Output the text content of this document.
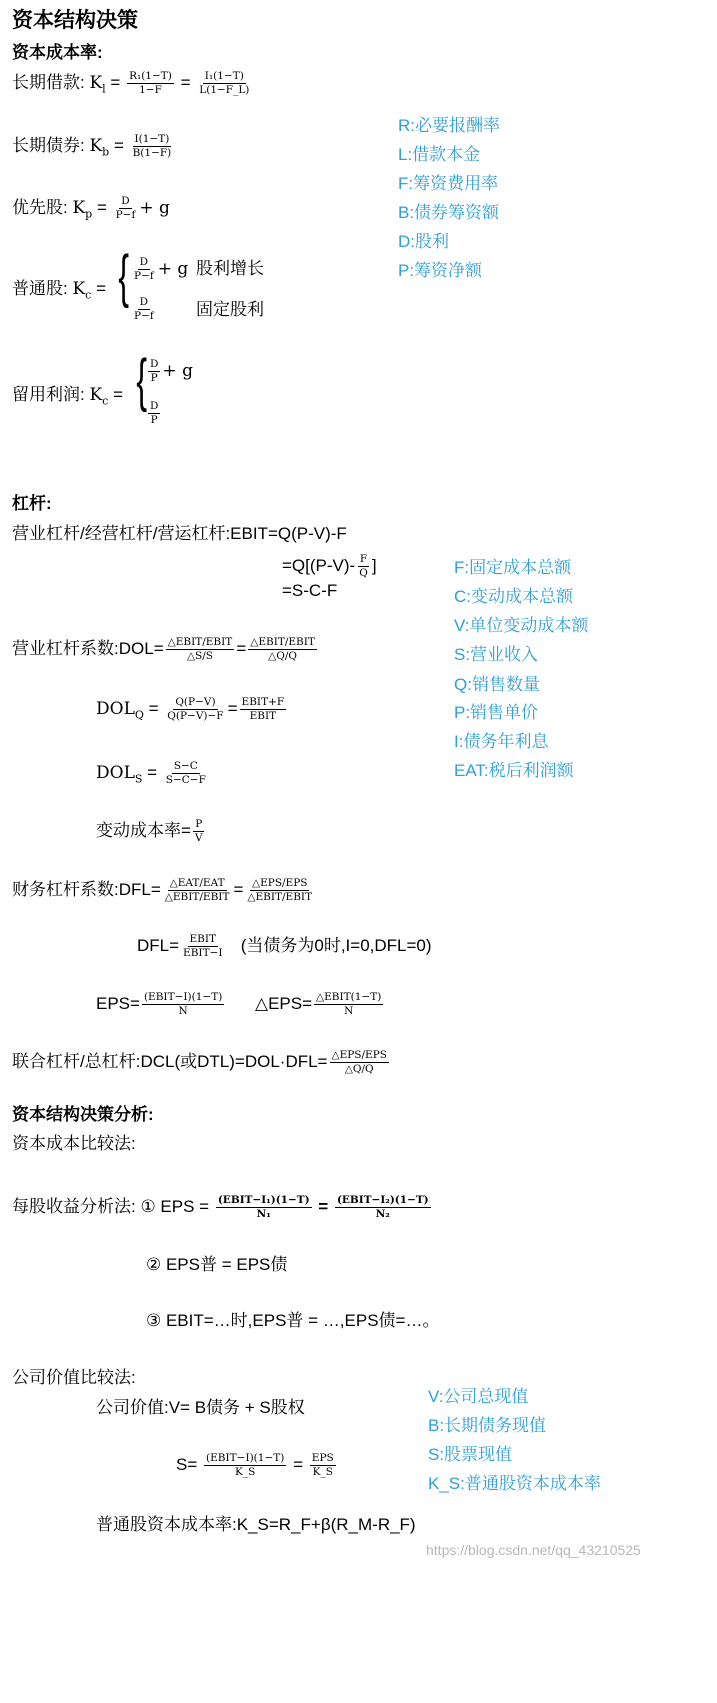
资本结构决策
资本成本率:
长期借款: $K_l = \frac{\text{R₁(1−T)}}{1-F} = \frac{\text{I₁(1−T)}}{L(1-F\_L)}$
长期债券: $K_b = \frac{I(1-T)}{B(1-F)}$
优先股: $K_p = \frac{D}{P-f} + g$
普通股: $K_c$ = { $\frac{D}{P-f} + g$ 股利增长
$\frac{D}{P-f}$ 固定股利
留用利润: $K_c$ = { $\frac{D}{P} + g$
$\frac{D}{P}$
R:必要报酬率
L:借款本金
F:筹资费用率
B:债券筹资额
D:股利
P:筹资净额
杠杆:
营业杠杆/经营杠杆/营运杠杆:EBIT=Q(P-V)-F
$=Q[(P-V)- \frac{F}{Q}$ ]
=S-C-F
营业杠杆系数:DOL= △EBIT/EBIT
△S/S = △EBIT/EBIT
△Q/Q
$DOL_Q = \frac{Q(P-V)}{Q(P-V)-F}$ = EBIT+F
EBIT
$DOL_S = \frac{S-C}{S-C-F}$
变动成本率= $\frac{P}{V}$
财务杠杆系数:DFL= △EAT/EAT
△EBIT/EBIT = △EPS/EPS
△EBIT/EBIT
DFL= EBIT
EBIT−I (当债务为0时,I=0,DFL=0)
EPS= (EBIT−I)(1−T)
N	△EPS= △EBIT(1−T)
N
联合杠杆/总杠杆:DCL(或DTL)=DOL·DFL= △EPS/EPS
△Q/Q
F:固定成本总额
C:变动成本总额
V:单位变动成本额
S:营业收入
Q:销售数量
P:销售单价
I:债务年利息
EAT:税后利润额
资本结构决策分析:
资本成本比较法:
每股收益分析法: ① EPS = (EBIT−I₁)(1−T)
N₁	= (EBIT−I₂)(1−T)
N₂
② EPS普 = EPS债
③ EBIT=…时,EPS普 = …,EPS债=…。
公司价值比较法:
公司价值:V= B债务 + S股权
S= (EBIT−I)(1−T)
K_S = EPS
K_S
普通股资本成本率:K_S=R_F+β(R_M-R_F)
V:公司总现值
B:长期债务现值
S:股票现值
K_S:普通股资本成本率
https://blog.csdn.net/qq_43210525
